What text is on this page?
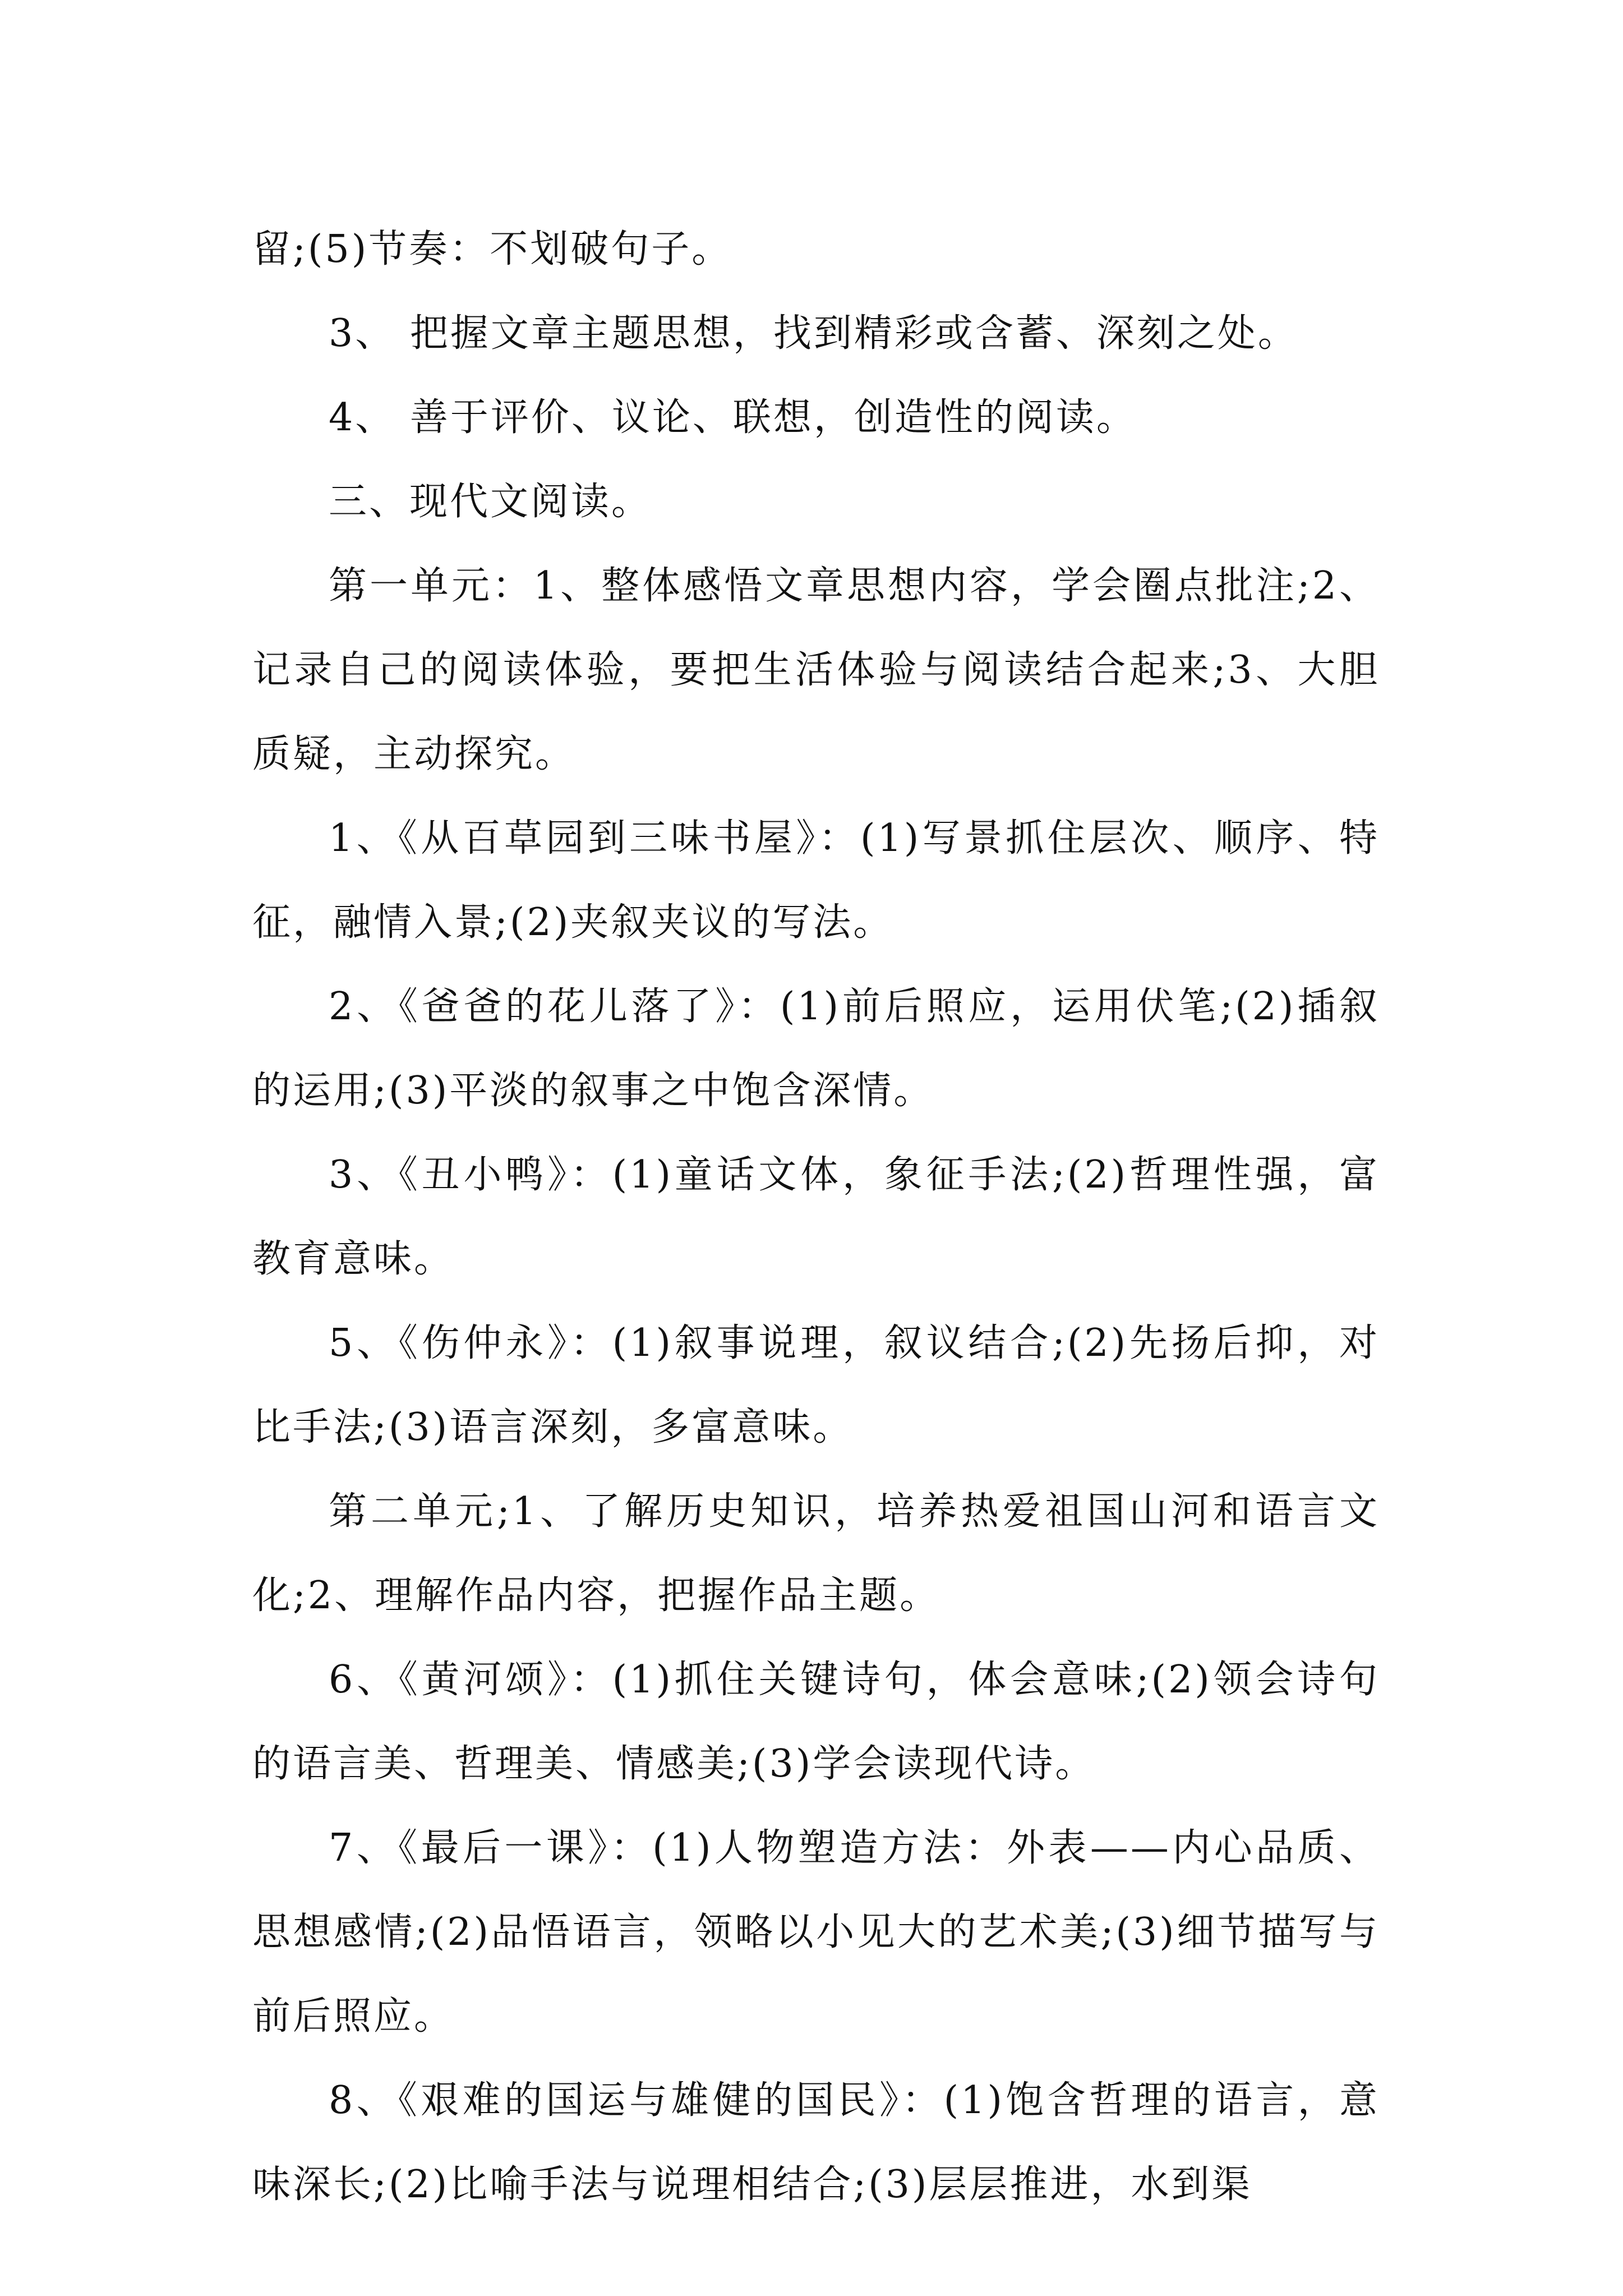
留;(5)节奏：不划破句子。

3、 把握文章主题思想，找到精彩或含蓄、深刻之处。

4、 善于评价、议论、联想，创造性的阅读。

三、现代文阅读。

第一单元：1、整体感悟文章思想内容，学会圈点批注;2、记录自己的阅读体验，要把生活体验与阅读结合起来;3、大胆质疑，主动探究。

1、《从百草园到三味书屋》：(1)写景抓住层次、顺序、特征，融情入景;(2)夹叙夹议的写法。

2、《爸爸的花儿落了》：(1)前后照应，运用伏笔;(2)插叙的运用;(3)平淡的叙事之中饱含深情。

3、《丑小鸭》：(1)童话文体，象征手法;(2)哲理性强，富教育意味。

5、《伤仲永》：(1)叙事说理，叙议结合;(2)先扬后抑，对比手法;(3)语言深刻，多富意味。

第二单元;1、了解历史知识，培养热爱祖国山河和语言文化;2、理解作品内容，把握作品主题。

6、《黄河颂》：(1)抓住关键诗句，体会意味;(2)领会诗句的语言美、哲理美、情感美;(3)学会读现代诗。

7、《最后一课》：(1)人物塑造方法：外表——内心品质、思想感情;(2)品悟语言，领略以小见大的艺术美;(3)细节描写与前后照应。

8、《艰难的国运与雄健的国民》：(1)饱含哲理的语言，意味深长;(2)比喻手法与说理相结合;(3)层层推进，水到渠
